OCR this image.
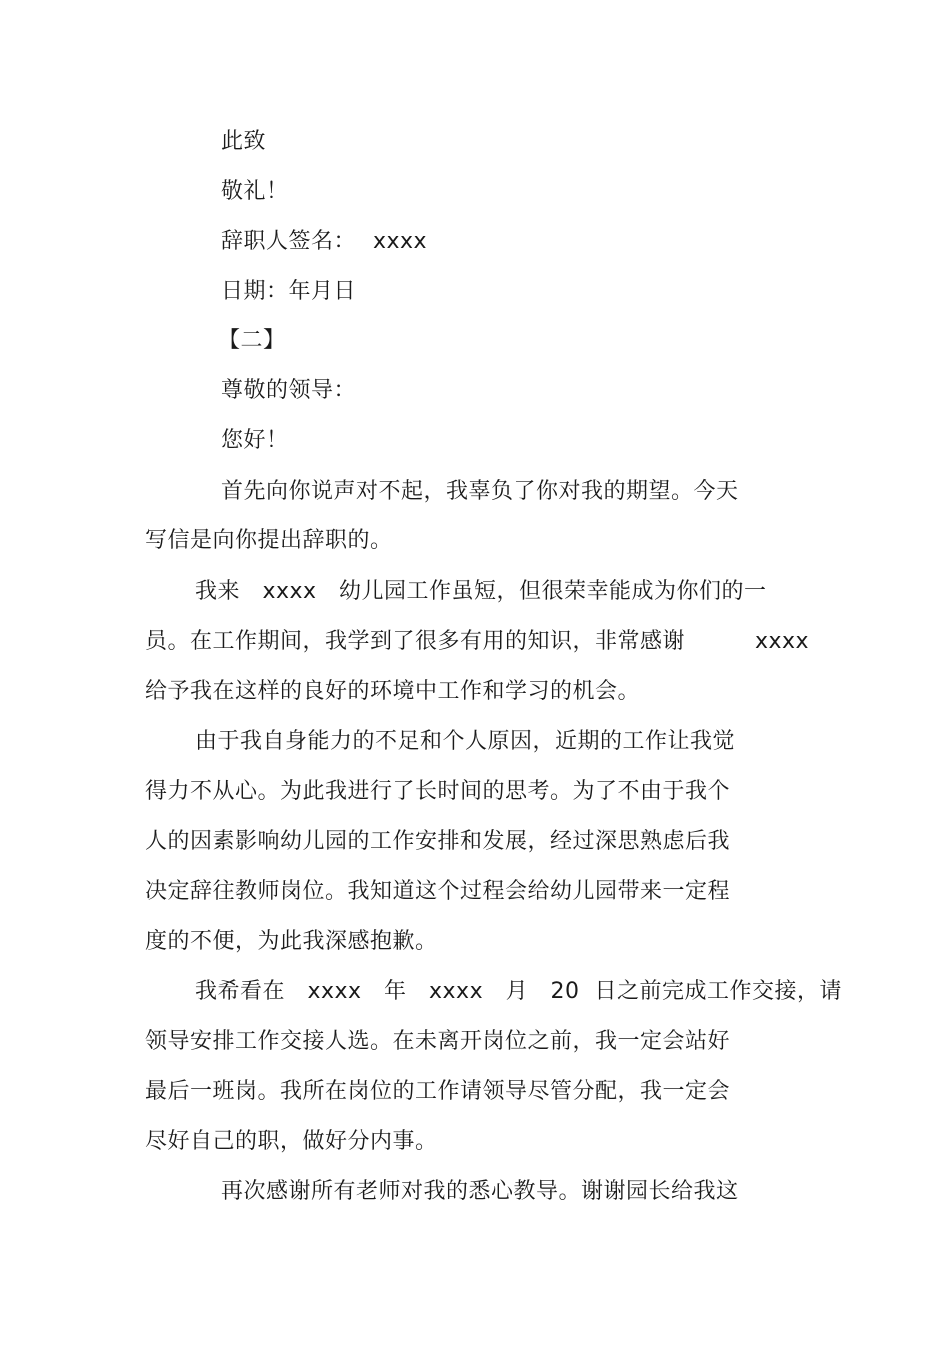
此致
敬礼！
辞职人签名： xxxx
日期：年月日
【二】
尊敬的领导：
您好！
首先向你说声对不起，我辜负了你对我的期望。今天
写信是向你提出辞职的。
我来   xxxx   幼儿园工作虽短，但很荣幸能成为你们的一
员。在工作期间，我学到了很多有用的知识，非常感谢	xxxx
给予我在这样的良好的环境中工作和学习的机会。
由于我自身能力的不足和个人原因，近期的工作让我觉
得力不从心。为此我进行了长时间的思考。为了不由于我个
人的因素影响幼儿园的工作安排和发展，经过深思熟虑后我
决定辞往教师岗位。我知道这个过程会给幼儿园带来一定程
度的不便，为此我深感抱歉。
我希看在   xxxx   年   xxxx   月   20  日之前完成工作交接，请
领导安排工作交接人选。在未离开岗位之前，我一定会站好
最后一班岗。我所在岗位的工作请领导尽管分配，我一定会
尽好自己的职，做好分内事。
再次感谢所有老师对我的悉心教导。谢谢园长给我这
